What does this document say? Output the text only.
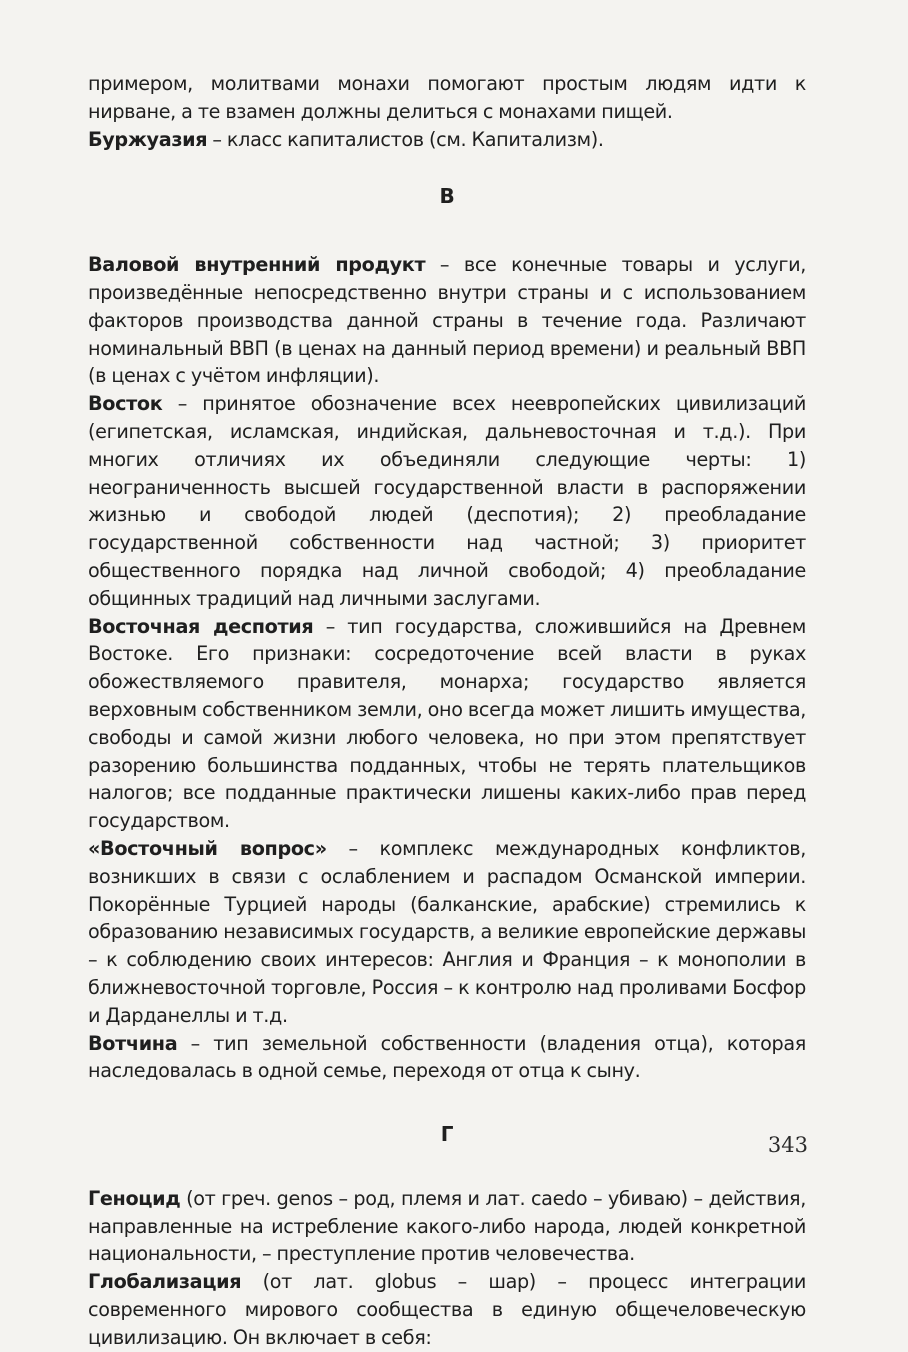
примером, молитвами монахи помогают простым людям идти к нирване, а те взамен должны делиться с монахами пищей.

Буржуазия – класс капиталистов (см. Капитализм).

В

Валовой внутренний продукт – все конечные товары и услуги, произведённые непосредственно внутри страны и с использованием факторов производства данной страны в течение года. Различают номинальный ВВП (в ценах на данный период времени) и реальный ВВП (в ценах с учётом инфляции).

Восток – принятое обозначение всех неевропейских цивилизаций (египетская, исламская, индийская, дальневосточная и т.д.). При многих отличиях их объединяли следующие черты: 1) неограниченность высшей государственной власти в распоряжении жизнью и свободой людей (деспотия); 2) преобладание государственной собственности над частной; 3) приоритет общественного порядка над личной свободой; 4) преобладание общинных традиций над личными заслугами.

Восточная деспотия – тип государства, сложившийся на Древнем Востоке. Его признаки: сосредоточение всей власти в руках обожествляемого правителя, монарха; государство является верховным собственником земли, оно всегда может лишить имущества, свободы и самой жизни любого человека, но при этом препятствует разорению большинства подданных, чтобы не терять плательщиков налогов; все подданные практически лишены каких-либо прав перед государством.

«Восточный вопрос» – комплекс международных конфликтов, возникших в связи с ослаблением и распадом Османской империи. Покорённые Турцией народы (балканские, арабские) стремились к образованию независимых государств, а великие европейские державы – к соблюдению своих интересов: Англия и Франция – к монополии в ближневосточной торговле, Россия – к контролю над проливами Босфор и Дарданеллы и т.д.

Вотчина – тип земельной собственности (владения отца), которая наследовалась в одной семье, переходя от отца к сыну.

Г

Геноцид (от греч. genos – род, племя и лат. caedo – убиваю) – действия, направленные на истребление какого-либо народа, людей конкретной национальности, – преступление против человечества.

Глобализация (от лат. globus – шар) – процесс интеграции современного мирового сообщества в единую общечеловеческую цивилизацию. Он включает в себя:

343
